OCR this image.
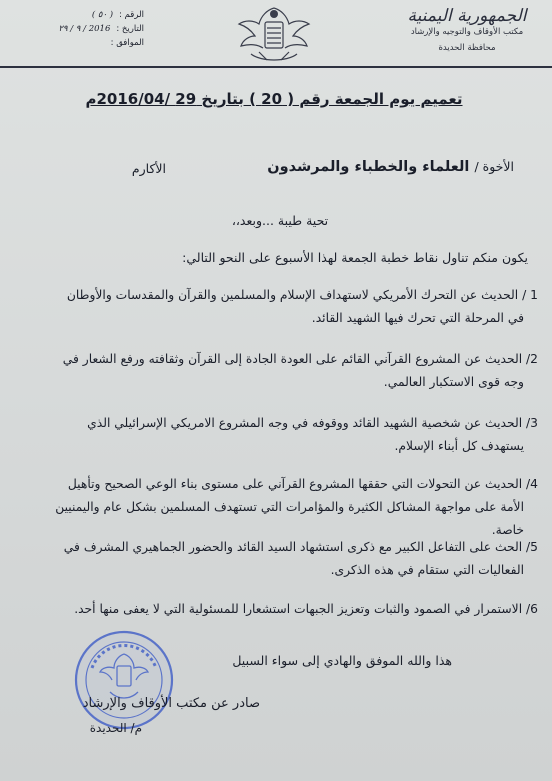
الجمهورية اليمنية
مكتب الأوقاف والتوجيه والإرشاد
محافظة الحديدة
الرقم :
( ٥٠ )
التاريخ :
2016 / ٩ / ٢٩
الموافق :
تعميم يوم الجمعة رقم ( 20 ) بتاريخ 29 /2016/04م
الأخوة / العلماء والخطباء والمرشدون
الأكارم
تحية طيبة ...وبعد،،
يكون منكم تناول نقاط خطبة الجمعة لهذا الأسبوع على النحو التالي:
1 / الحديث عن التحرك الأمريكي لاستهداف الإسلام والمسلمين والقرآن والمقدسات والأوطان
في المرحلة التي تحرك فيها الشهيد القائد.
2/ الحديث عن المشروع القرآني القائم على العودة الجادة إلى القرآن وثقافته ورفع الشعار في
وجه قوى الاستكبار العالمي.
3/ الحديث عن شخصية الشهيد القائد ووقوفه في وجه المشروع الامريكي الإسرائيلي الذي
يستهدف كل أبناء الإسلام.
4/ الحديث عن التحولات التي حققها المشروع القرآني على مستوى بناء الوعي الصحيح وتأهيل
الأمة على مواجهة المشاكل الكثيرة والمؤامرات التي تستهدف المسلمين بشكل عام واليمنيين خاصة.
5/ الحث على التفاعل الكبير مع ذكرى استشهاد السيد القائد والحضور الجماهيري المشرف في
الفعاليات التي ستقام في هذه الذكرى.
6/ الاستمرار في الصمود والثبات وتعزيز الجبهات استشعارا للمسئولية التي لا يعفى منها أحد.
هذا والله الموفق والهادي إلى سواء السبيل
صادر عن مكتب الأوقاف والإرشاد
م/ الحديدة
